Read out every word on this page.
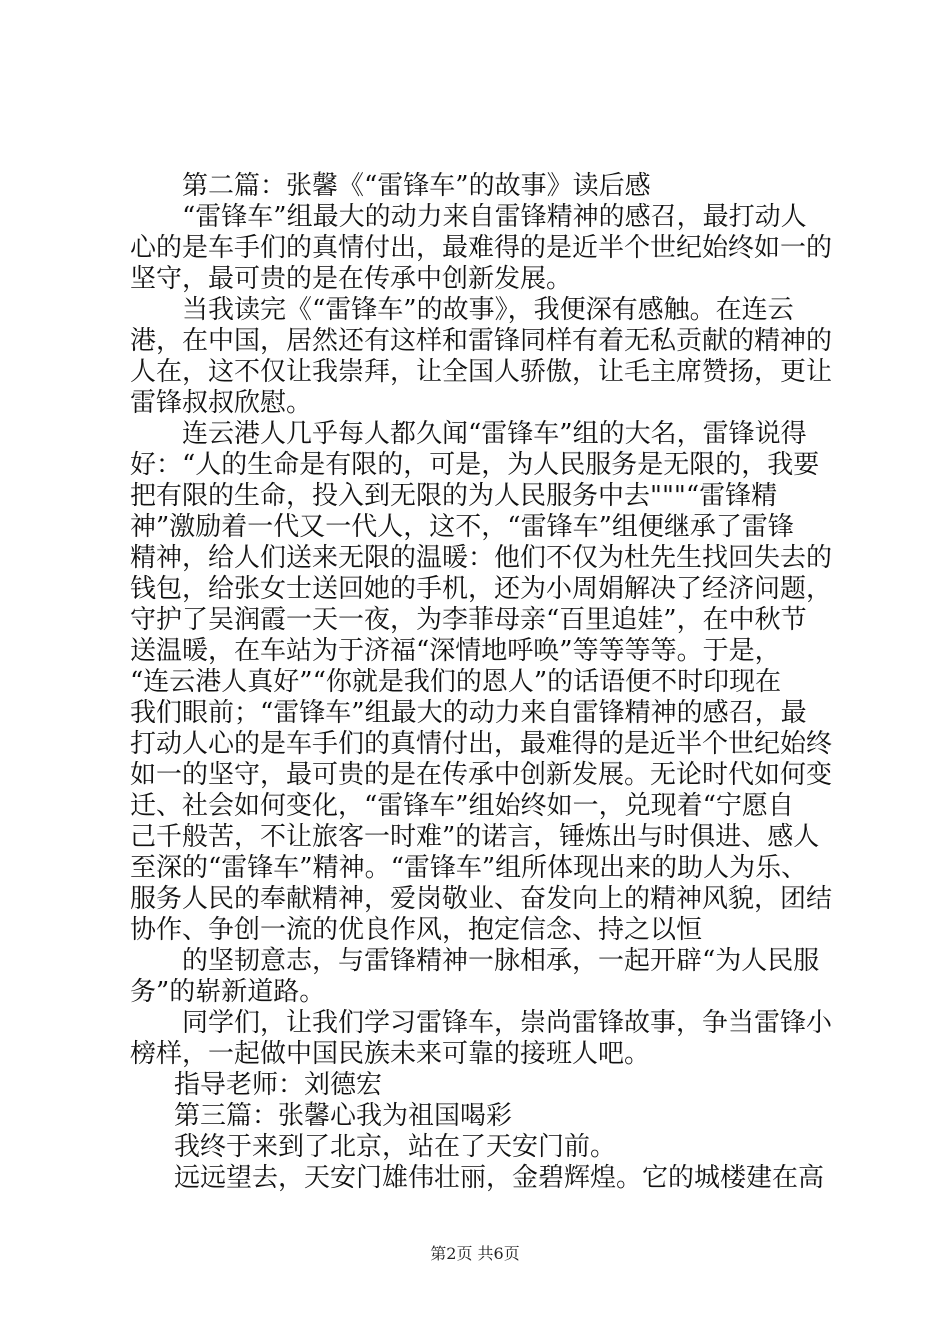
第二篇：张馨《“雷锋车”的故事》读后感
“雷锋车”组最大的动力来自雷锋精神的感召，最打动人
心的是车手们的真情付出，最难得的是近半个世纪始终如一的
坚守，最可贵的是在传承中创新发展。
当我读完《“雷锋车”的故事》，我便深有感触。在连云
港，在中国，居然还有这样和雷锋同样有着无私贡献的精神的
人在，这不仅让我崇拜，让全国人骄傲，让毛主席赞扬，更让
雷锋叔叔欣慰。
连云港人几乎每人都久闻“雷锋车”组的大名，雷锋说得
好：“人的生命是有限的，可是，为人民服务是无限的，我要
把有限的生命，投入到无限的为人民服务中去"""“雷锋精
神”激励着一代又一代人，这不，“雷锋车”组便继承了雷锋
精神，给人们送来无限的温暖：他们不仅为杜先生找回失去的
钱包，给张女士送回她的手机，还为小周娟解决了经济问题，
守护了吴润霞一天一夜，为李菲母亲“百里追娃”，在中秋节
送温暖，在车站为于济福“深情地呼唤”等等等等。于是，
“连云港人真好”“你就是我们的恩人”的话语便不时印现在
我们眼前；“雷锋车”组最大的动力来自雷锋精神的感召，最
打动人心的是车手们的真情付出，最难得的是近半个世纪始终
如一的坚守，最可贵的是在传承中创新发展。无论时代如何变
迁、社会如何变化，“雷锋车”组始终如一，兑现着“宁愿自
己千般苦，不让旅客一时难”的诺言，锤炼出与时俱进、感人
至深的“雷锋车”精神。“雷锋车”组所体现出来的助人为乐、
服务人民的奉献精神，爱岗敬业、奋发向上的精神风貌，团结
协作、争创一流的优良作风，抱定信念、持之以恒
的坚韧意志，与雷锋精神一脉相承，一起开辟“为人民服
务”的崭新道路。
同学们，让我们学习雷锋车，崇尚雷锋故事，争当雷锋小
榜样，一起做中国民族未来可靠的接班人吧。
指导老师：刘德宏
第三篇：张馨心我为祖国喝彩
我终于来到了北京，站在了天安门前。
远远望去，天安门雄伟壮丽，金碧辉煌。它的城楼建在高
第2页 共6页
